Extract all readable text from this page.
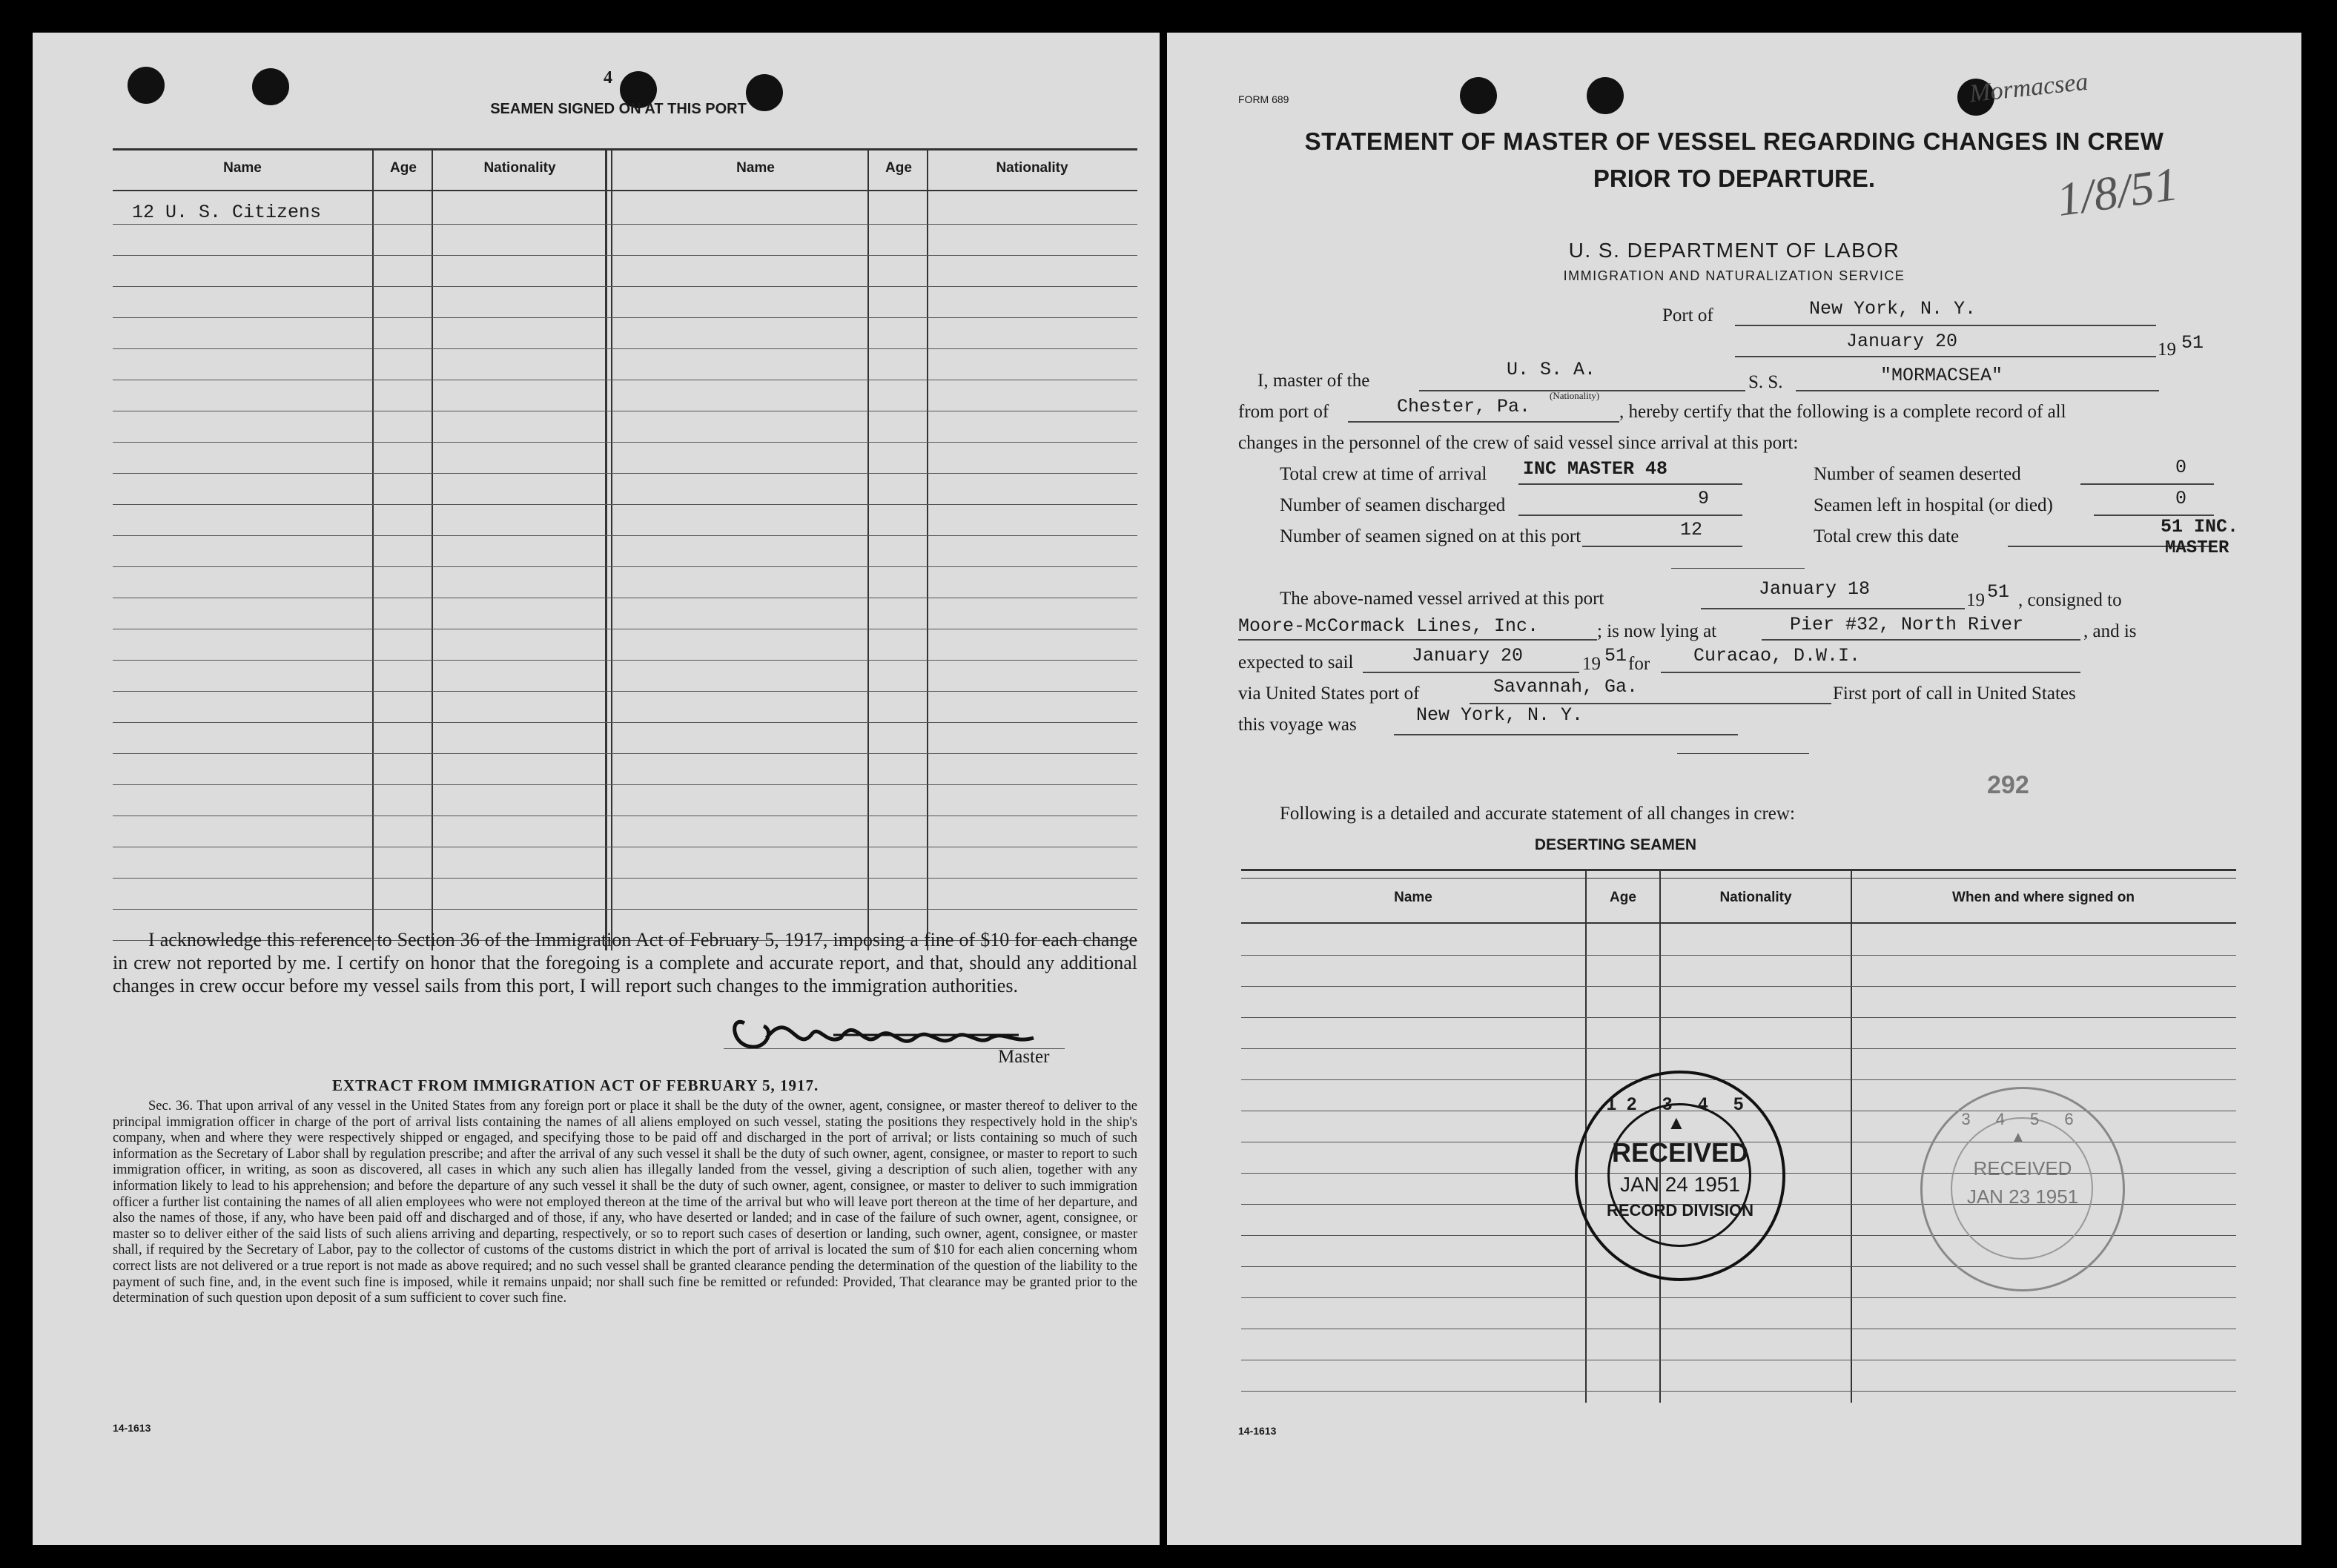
4
SEAMEN SIGNED ON AT THIS PORT
Name	Age	Nationality	Name	Age	Nationality
12 U. S. Citizens
I acknowledge this reference to Section 36 of the Immigration Act of February 5, 1917, imposing a fine of $10 for each change in crew not reported by me. I certify on honor that the foregoing is a complete and accurate report, and that, should any additional changes in crew occur before my vessel sails from this port, I will report such changes to the immigration authorities.
Master
EXTRACT FROM IMMIGRATION ACT OF FEBRUARY 5, 1917.
Sec. 36. That upon arrival of any vessel in the United States from any foreign port or place it shall be the duty of the owner, agent, consignee, or master thereof to deliver to the principal immigration officer in charge of the port of arrival lists containing the names of all aliens employed on such vessel, stating the positions they respectively hold in the ship's company, when and where they were respectively shipped or engaged, and specifying those to be paid off and discharged in the port of arrival; or lists containing so much of such information as the Secretary of Labor shall by regulation prescribe; and after the arrival of any such vessel it shall be the duty of such owner, agent, consignee, or master to report to such immigration officer, in writing, as soon as discovered, all cases in which any such alien has illegally landed from the vessel, giving a description of such alien, together with any information likely to lead to his apprehension; and before the departure of any such vessel it shall be the duty of such owner, agent, consignee, or master to deliver to such immigration officer a further list containing the names of all alien employees who were not employed thereon at the time of the arrival but who will leave port thereon at the time of her departure, and also the names of those, if any, who have been paid off and discharged and of those, if any, who have deserted or landed; and in case of the failure of such owner, agent, consignee, or master so to deliver either of the said lists of such aliens arriving and departing, respectively, or so to report such cases of desertion or landing, such owner, agent, consignee, or master shall, if required by the Secretary of Labor, pay to the collector of customs of the customs district in which the port of arrival is located the sum of $10 for each alien concerning whom correct lists are not delivered or a true report is not made as above required; and no such vessel shall be granted clearance pending the determination of the question of the liability to the payment of such fine, and, in the event such fine is imposed, while it remains unpaid; nor shall such fine be remitted or refunded: Provided, That clearance may be granted prior to the determination of such question upon deposit of a sum sufficient to cover such fine.
14-1613
FORM 689	Mormacsea
1/8/51
STATEMENT OF MASTER OF VESSEL REGARDING CHANGES IN CREW
PRIOR TO DEPARTURE.
U. S. DEPARTMENT OF LABOR
IMMIGRATION AND NATURALIZATION SERVICE
Port of	New York, N. Y.
January 20	19 51
I, master of the
U. S. A.
(Nationality)
S. S.	"MORMACSEA"
from port of	Chester, Pa.	, hereby certify that the following is a complete record of all
changes in the personnel of the crew of said vessel since arrival at this port:
Total crew at time of arrival INC MASTER 48
Number of seamen discharged	9
Number of seamen signed on at this port	12
Number of seamen deserted	0
Seamen left in hospital (or died)	0
Total crew this date	51 INC.
MASTER
The above-named vessel arrived at this port	January 18
19 51 , consigned to
Moore-McCormack Lines, Inc.	; is now lying at	Pier #32, North River	, and is
expected to sail	January 20	19 51 for Curacao, D.W.I.
via United States port of	Savannah, Ga.	First port of call in United States
this voyage was	New York, N. Y.
292
Following is a detailed and accurate statement of all changes in crew:
DESERTING SEAMEN
Name	Age	Nationality	When and where signed on
12 3 4 5
▲
RECEIVED
JAN 24 1951
RECORD DIVISION
3 4 5 6
▲
RECEIVED
JAN 23 1951
14-1613
